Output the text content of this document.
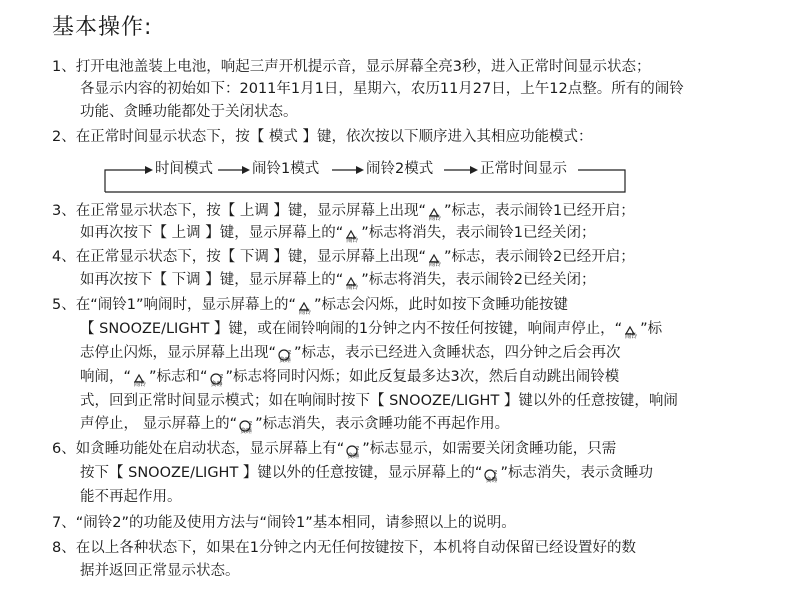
基本操作:
1、打开电池盖装上电池，响起三声开机提示音，显示屏幕全亮3秒，进入正常时间显示状态；
各显示内容的初始如下：2011年1月1日，星期六，农历11月27日，上午12点整。所有的闹铃
功能、贪睡功能都处于关闭状态。
2、在正常时间显示状态下，按【 模式 】键，依次按以下顺序进入其相应功能模式：
时间模式	闹铃1模式	闹铃2模式	正常时间显示
3、在正常显示状态下，按【 上调 】键，显示屏幕上出现“ 闹铃 ”标志，表示闹铃1已经开启；
如再次按下【 上调 】键，显示屏幕上的“ 闹铃 ”标志将消失，表示闹铃1已经关闭；
4、在正常显示状态下，按【 下调 】键，显示屏幕上出现“ 闹铃 ”标志，表示闹铃2已经开启；
如再次按下【 下调 】键，显示屏幕上的“ 闹铃 ”标志将消失，表示闹铃2已经关闭；
5、在“闹铃1”响闹时，显示屏幕上的“ 闹铃 ”标志会闪烁，此时如按下贪睡功能按键
【 SNOOZE/LIGHT 】键，或在闹铃响闹的1分钟之内不按任何按键，响闹声停止，“ 闹铃 ”标
志停止闪烁，显示屏幕上出现“ z
贪睡 ”标志，表示已经进入贪睡状态，四分钟之后会再次
响闹，“ 闹铃 ”标志和“ z
贪睡 ”标志将同时闪烁；如此反复最多达3次，然后自动跳出闹铃模
式，回到正常时间显示模式；如在响闹时按下【 SNOOZE/LIGHT 】键以外的任意按键，响闹
声停止， 显示屏幕上的“ z
贪睡 ”标志消失，表示贪睡功能不再起作用。
6、如贪睡功能处在启动状态，显示屏幕上有“ z
贪睡 ”标志显示，如需要关闭贪睡功能，只需
按下【 SNOOZE/LIGHT 】键以外的任意按键，显示屏幕上的“ z
贪睡 ”标志消失，表示贪睡功
能不再起作用。
7、“闹铃2”的功能及使用方法与“闹铃1”基本相同，请参照以上的说明。
8、在以上各种状态下，如果在1分钟之内无任何按键按下，本机将自动保留已经设置好的数
据并返回正常显示状态。
